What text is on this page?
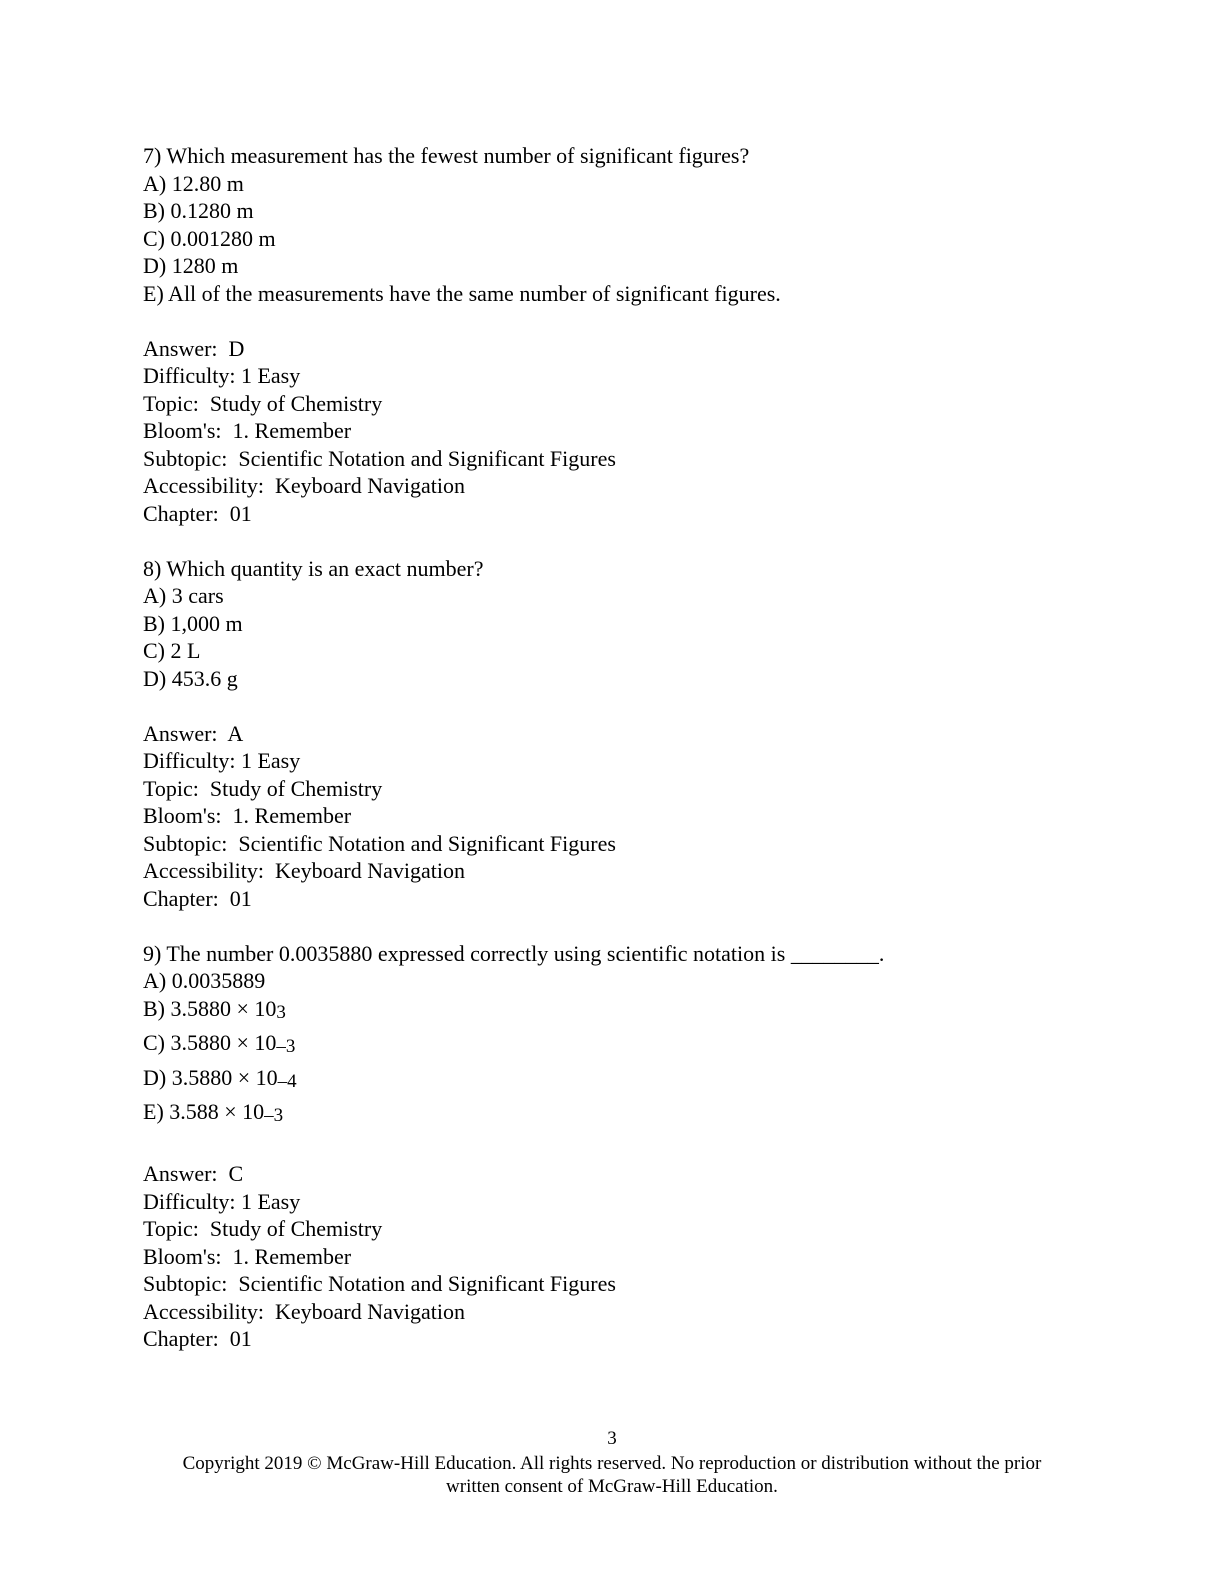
7) Which measurement has the fewest number of significant figures?
A) 12.80 m
B) 0.1280 m
C) 0.001280 m
D) 1280 m
E) All of the measurements have the same number of significant figures.
Answer:  D
Difficulty: 1 Easy
Topic:  Study of Chemistry
Bloom's:  1. Remember
Subtopic:  Scientific Notation and Significant Figures
Accessibility:  Keyboard Navigation
Chapter:  01
8) Which quantity is an exact number?
A) 3 cars
B) 1,000 m
C) 2 L
D) 453.6 g
Answer:  A
Difficulty: 1 Easy
Topic:  Study of Chemistry
Bloom's:  1. Remember
Subtopic:  Scientific Notation and Significant Figures
Accessibility:  Keyboard Navigation
Chapter:  01
9) The number 0.0035880 expressed correctly using scientific notation is ________.
A) 0.0035889
B) 3.5880 × 103
C) 3.5880 × 10–3
D) 3.5880 × 10–4
E) 3.588 × 10–3
Answer:  C
Difficulty: 1 Easy
Topic:  Study of Chemistry
Bloom's:  1. Remember
Subtopic:  Scientific Notation and Significant Figures
Accessibility:  Keyboard Navigation
Chapter:  01
3
Copyright 2019 © McGraw-Hill Education. All rights reserved. No reproduction or distribution without the prior
written consent of McGraw-Hill Education.
